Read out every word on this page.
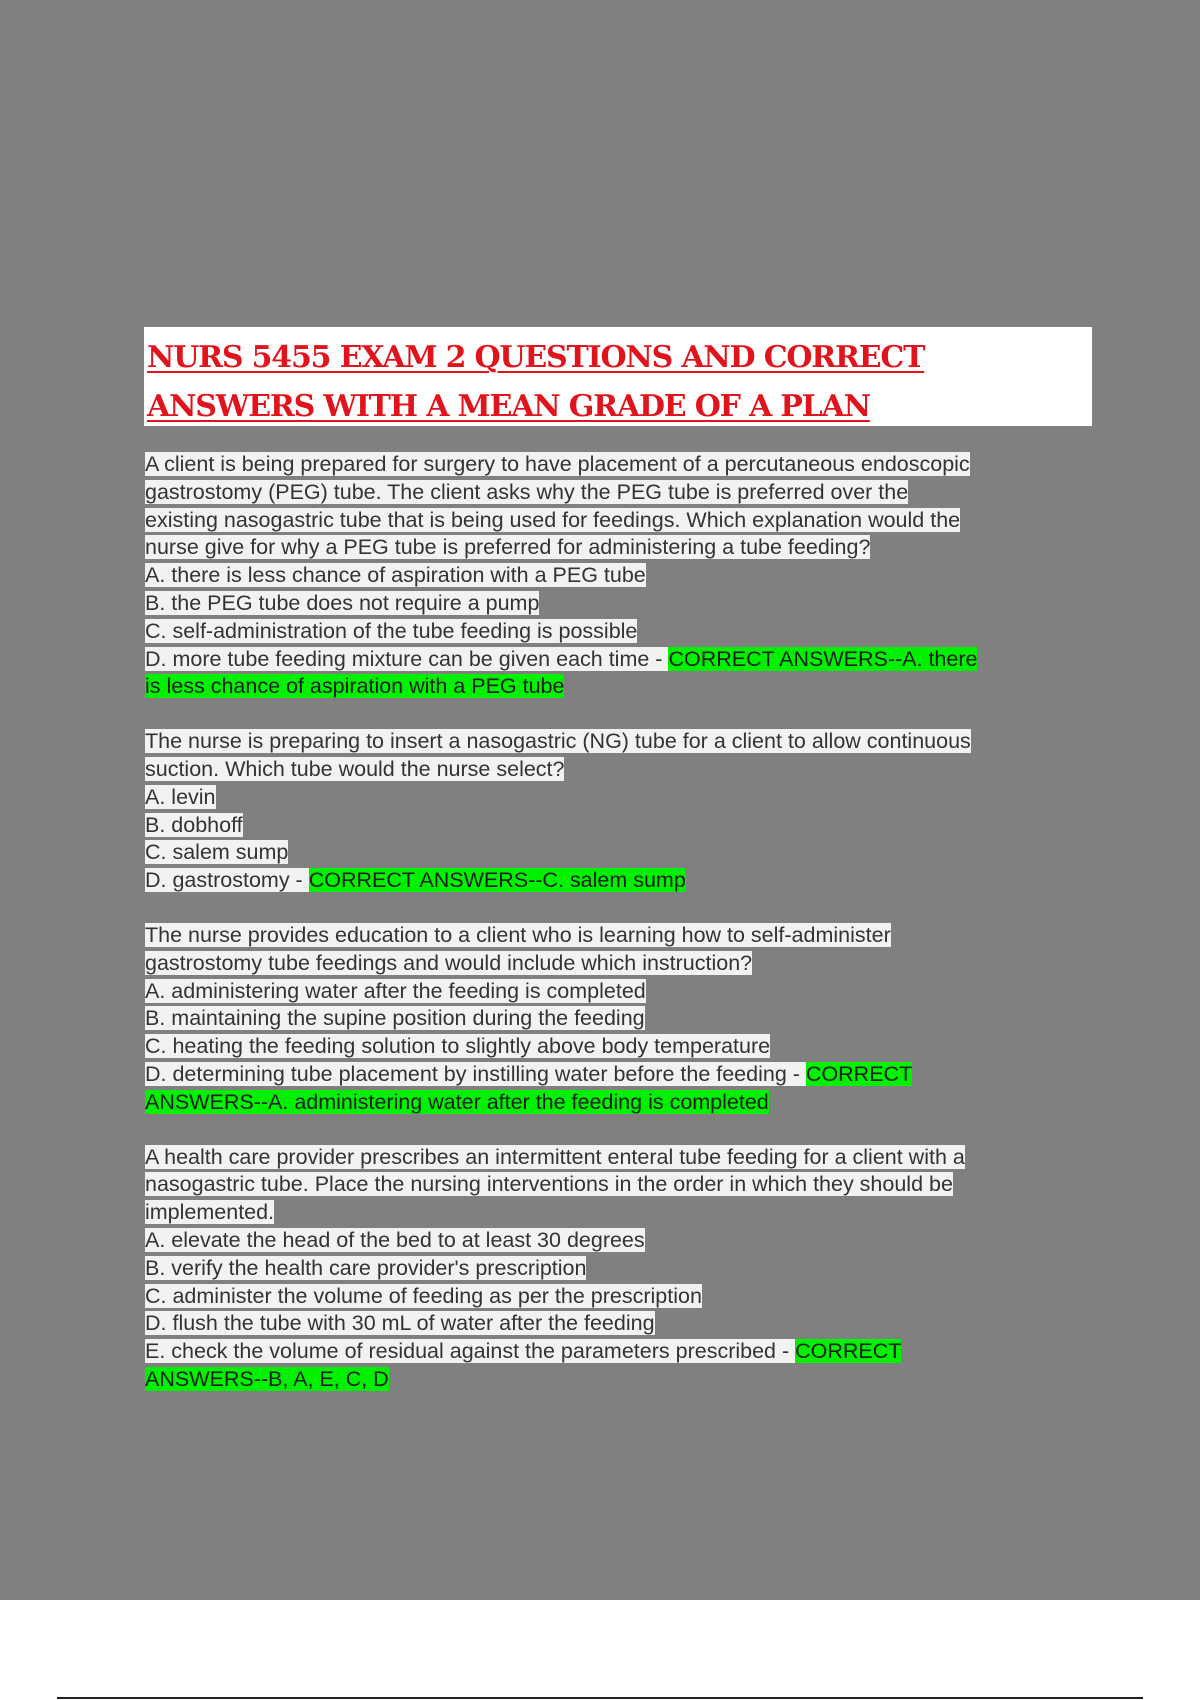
NURS 5455 EXAM 2 QUESTIONS AND CORRECT
ANSWERS WITH A MEAN GRADE OF A PLAN
A client is being prepared for surgery to have placement of a percutaneous endoscopic
gastrostomy (PEG) tube. The client asks why the PEG tube is preferred over the
existing nasogastric tube that is being used for feedings. Which explanation would the
nurse give for why a PEG tube is preferred for administering a tube feeding?
A. there is less chance of aspiration with a PEG tube
B. the PEG tube does not require a pump
C. self-administration of the tube feeding is possible
D. more tube feeding mixture can be given each time - CORRECT ANSWERS--A. there
is less chance of aspiration with a PEG tube
The nurse is preparing to insert a nasogastric (NG) tube for a client to allow continuous
suction. Which tube would the nurse select?
A. levin
B. dobhoff
C. salem sump
D. gastrostomy - CORRECT ANSWERS--C. salem sump
The nurse provides education to a client who is learning how to self-administer
gastrostomy tube feedings and would include which instruction?
A. administering water after the feeding is completed
B. maintaining the supine position during the feeding
C. heating the feeding solution to slightly above body temperature
D. determining tube placement by instilling water before the feeding - CORRECT
ANSWERS--A. administering water after the feeding is completed
A health care provider prescribes an intermittent enteral tube feeding for a client with a
nasogastric tube. Place the nursing interventions in the order in which they should be
implemented.
A. elevate the head of the bed to at least 30 degrees
B. verify the health care provider's prescription
C. administer the volume of feeding as per the prescription
D. flush the tube with 30 mL of water after the feeding
E. check the volume of residual against the parameters prescribed - CORRECT
ANSWERS--B, A, E, C, D
